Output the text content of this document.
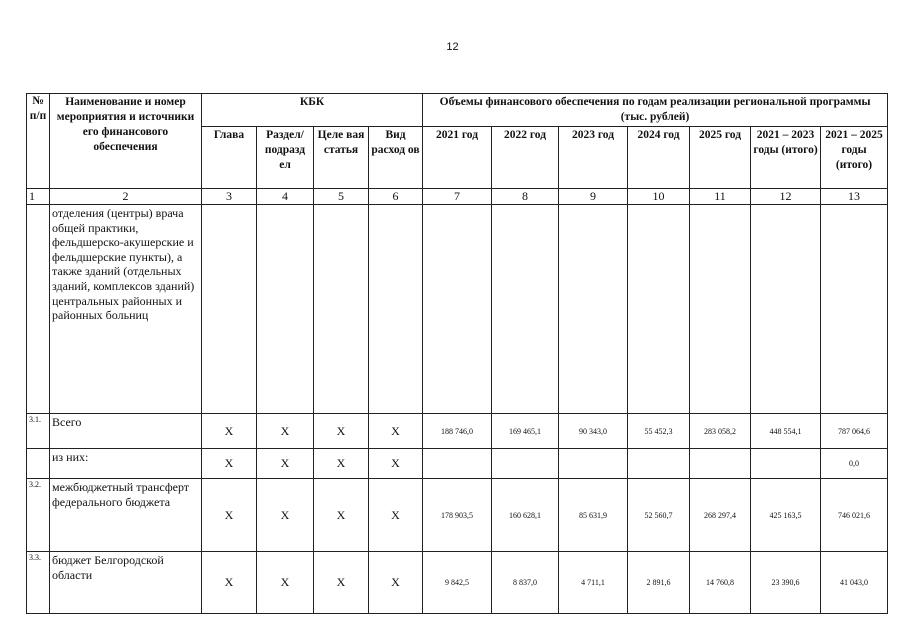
12
№ п/п	Наименование и номер мероприятия и источники его финансового обеспечения	КБК				Объемы финансового обеспечения по годам реализации региональной программы (тыс. рублей)						
		Глава	Раздел/ подразд ел	Целе вая статья	Вид расход ов	2021 год	2022 год	2023 год	2024 год	2025 год	2021 – 2023 годы (итого)	2021 – 2025 годы (итого)
1	2	3	4	5	6	7	8	9	10	11	12	13
	отделения (центры) врача общей практики, фельдшерско-акушерские и фельдшерские пункты), а также зданий (отдельных зданий, комплексов зданий) центральных районных и районных больниц											
3.1.	Всего	Х	Х	Х	Х	188 746,0	169 465,1	90 343,0	55 452,3	283 058,2	448 554,1	787 064,6
	из них:	Х	Х	Х	Х							0,0
3.2.	межбюджетный трансферт федерального бюджета	Х	Х	Х	Х	178 903,5	160 628,1	85 631,9	52 560,7	268 297,4	425 163,5	746 021,6
3.3.	бюджет Белгородской области	Х	Х	Х	Х	9 842,5	8 837,0	4 711,1	2 891,6	14 760,8	23 390,6	41 043,0
